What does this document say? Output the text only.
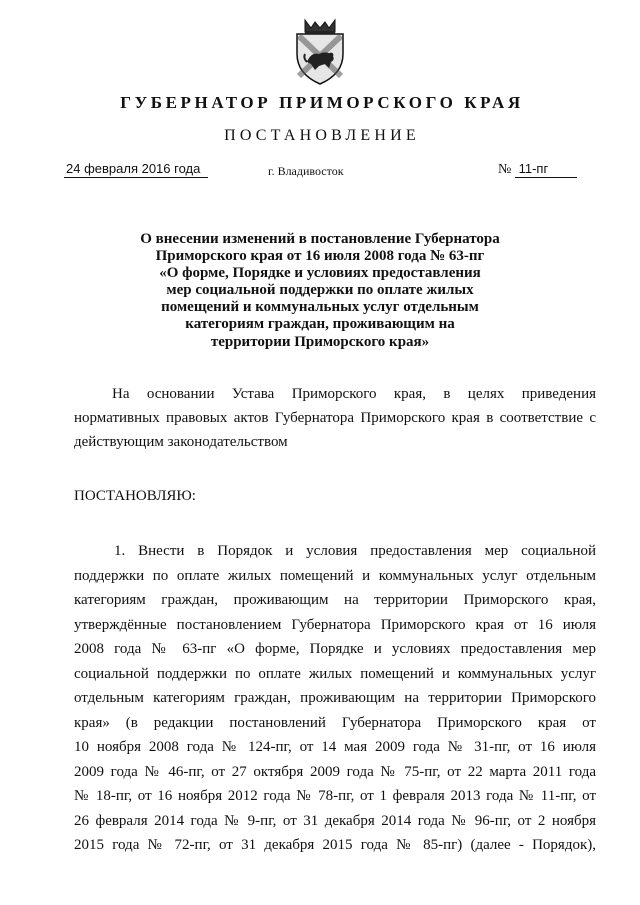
ГУБЕРНАТОР ПРИМОРСКОГО КРАЯ
ПОСТАНОВЛЕНИЕ
24 февраля 2016 года	г. Владивосток	№ 11-пг
О внесении изменений в постановление Губернатора
Приморского края от 16 июля 2008 года № 63-пг
«О форме, Порядке и условиях предоставления
мер социальной поддержки по оплате жилых
помещений и коммунальных услуг отдельным
категориям граждан, проживающим на
территории Приморского края»
На основании Устава Приморского края, в целях приведения
нормативных правовых актов Губернатора Приморского края в соответствие с
действующим законодательством
ПОСТАНОВЛЯЮ:
1. Внести в Порядок и условия предоставления мер социальной
поддержки по оплате жилых помещений и коммунальных услуг отдельным
категориям граждан, проживающим на территории Приморского края,
утверждённые постановлением Губернатора Приморского края от 16 июля
2008 года № 63-пг «О форме, Порядке и условиях предоставления мер
социальной поддержки по оплате жилых помещений и коммунальных услуг
отдельным категориям граждан, проживающим на территории Приморского
края» (в редакции постановлений Губернатора Приморского края от
10 ноября 2008 года № 124-пг, от 14 мая 2009 года № 31-пг, от 16 июля
2009 года № 46-пг, от 27 октября 2009 года № 75-пг, от 22 марта 2011 года
№ 18-пг, от 16 ноября 2012 года № 78-пг, от 1 февраля 2013 года № 11-пг, от
26 февраля 2014 года № 9-пг, от 31 декабря 2014 года № 96-пг, от 2 ноября
2015 года № 72-пг, от 31 декабря 2015 года № 85-пг) (далее - Порядок),
